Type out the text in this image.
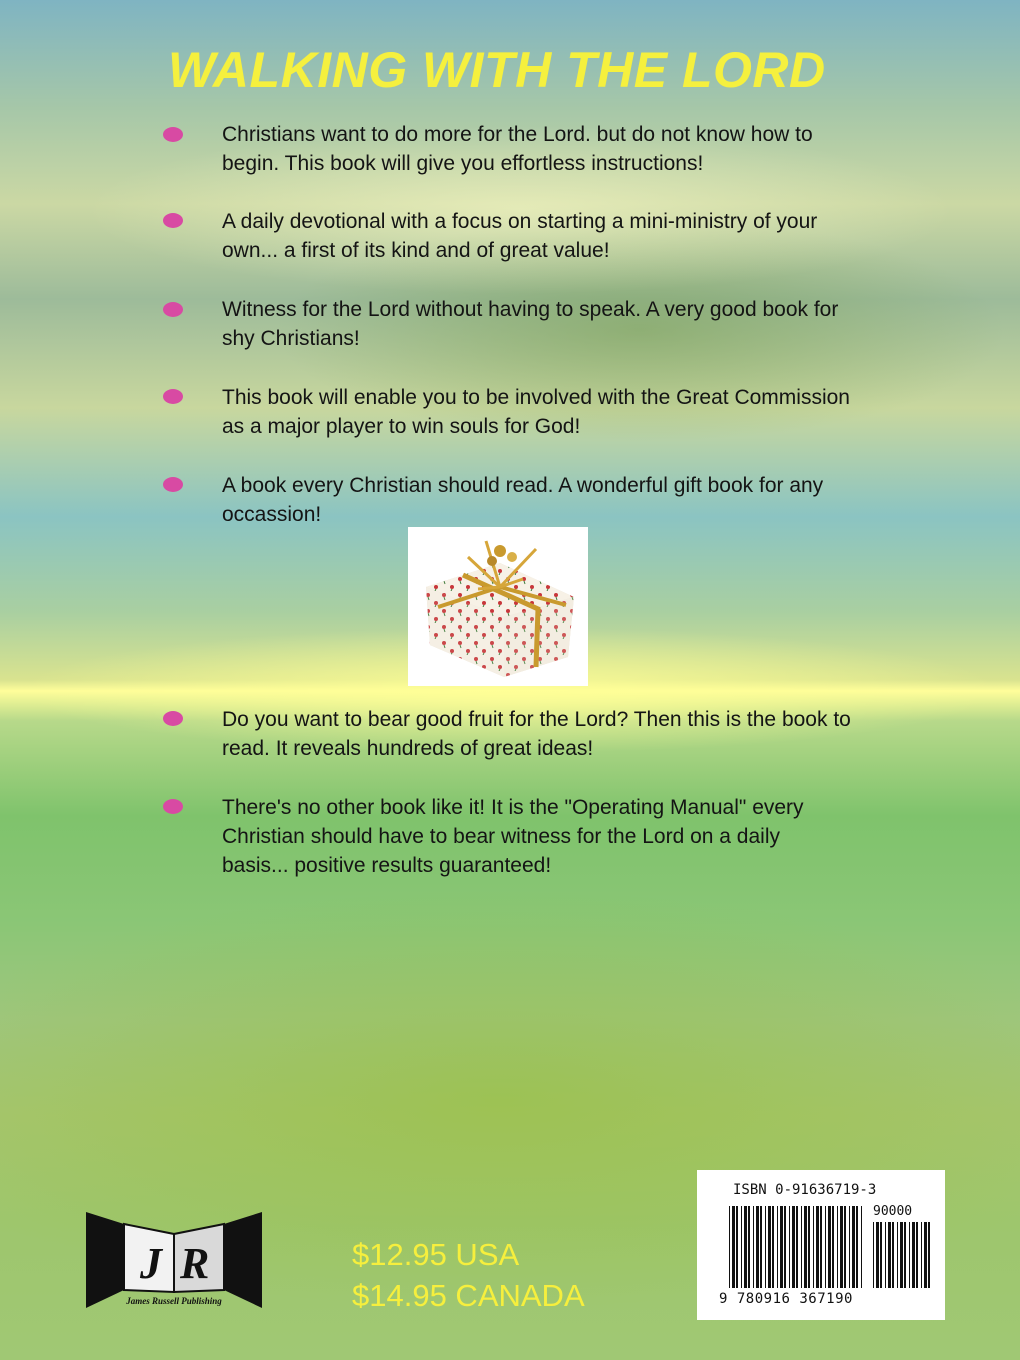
WALKING WITH THE LORD

Christians want to do more for the Lord. but do not know how to begin. This book will give you effortless instructions!

A daily devotional with a focus on starting a mini-ministry of your own... a first of its kind and of great value!

Witness for the Lord without having to speak. A very good book for shy Christians!

This book will enable you to be involved with the Great Commission as a major player to win souls for God!

A book every Christian should read. A wonderful gift book for any occassion!

Do you want to bear good fruit for the Lord? Then this is the book to read. It reveals hundreds of great ideas!

There's no other book like it! It is the "Operating Manual" every Christian should have to bear witness for the Lord on a daily basis... positive results guaranteed!

J R
James Russell Publishing

$12.95 USA

$14.95 CANADA

ISBN 0-91636719-3
90000
9 780916 367190
